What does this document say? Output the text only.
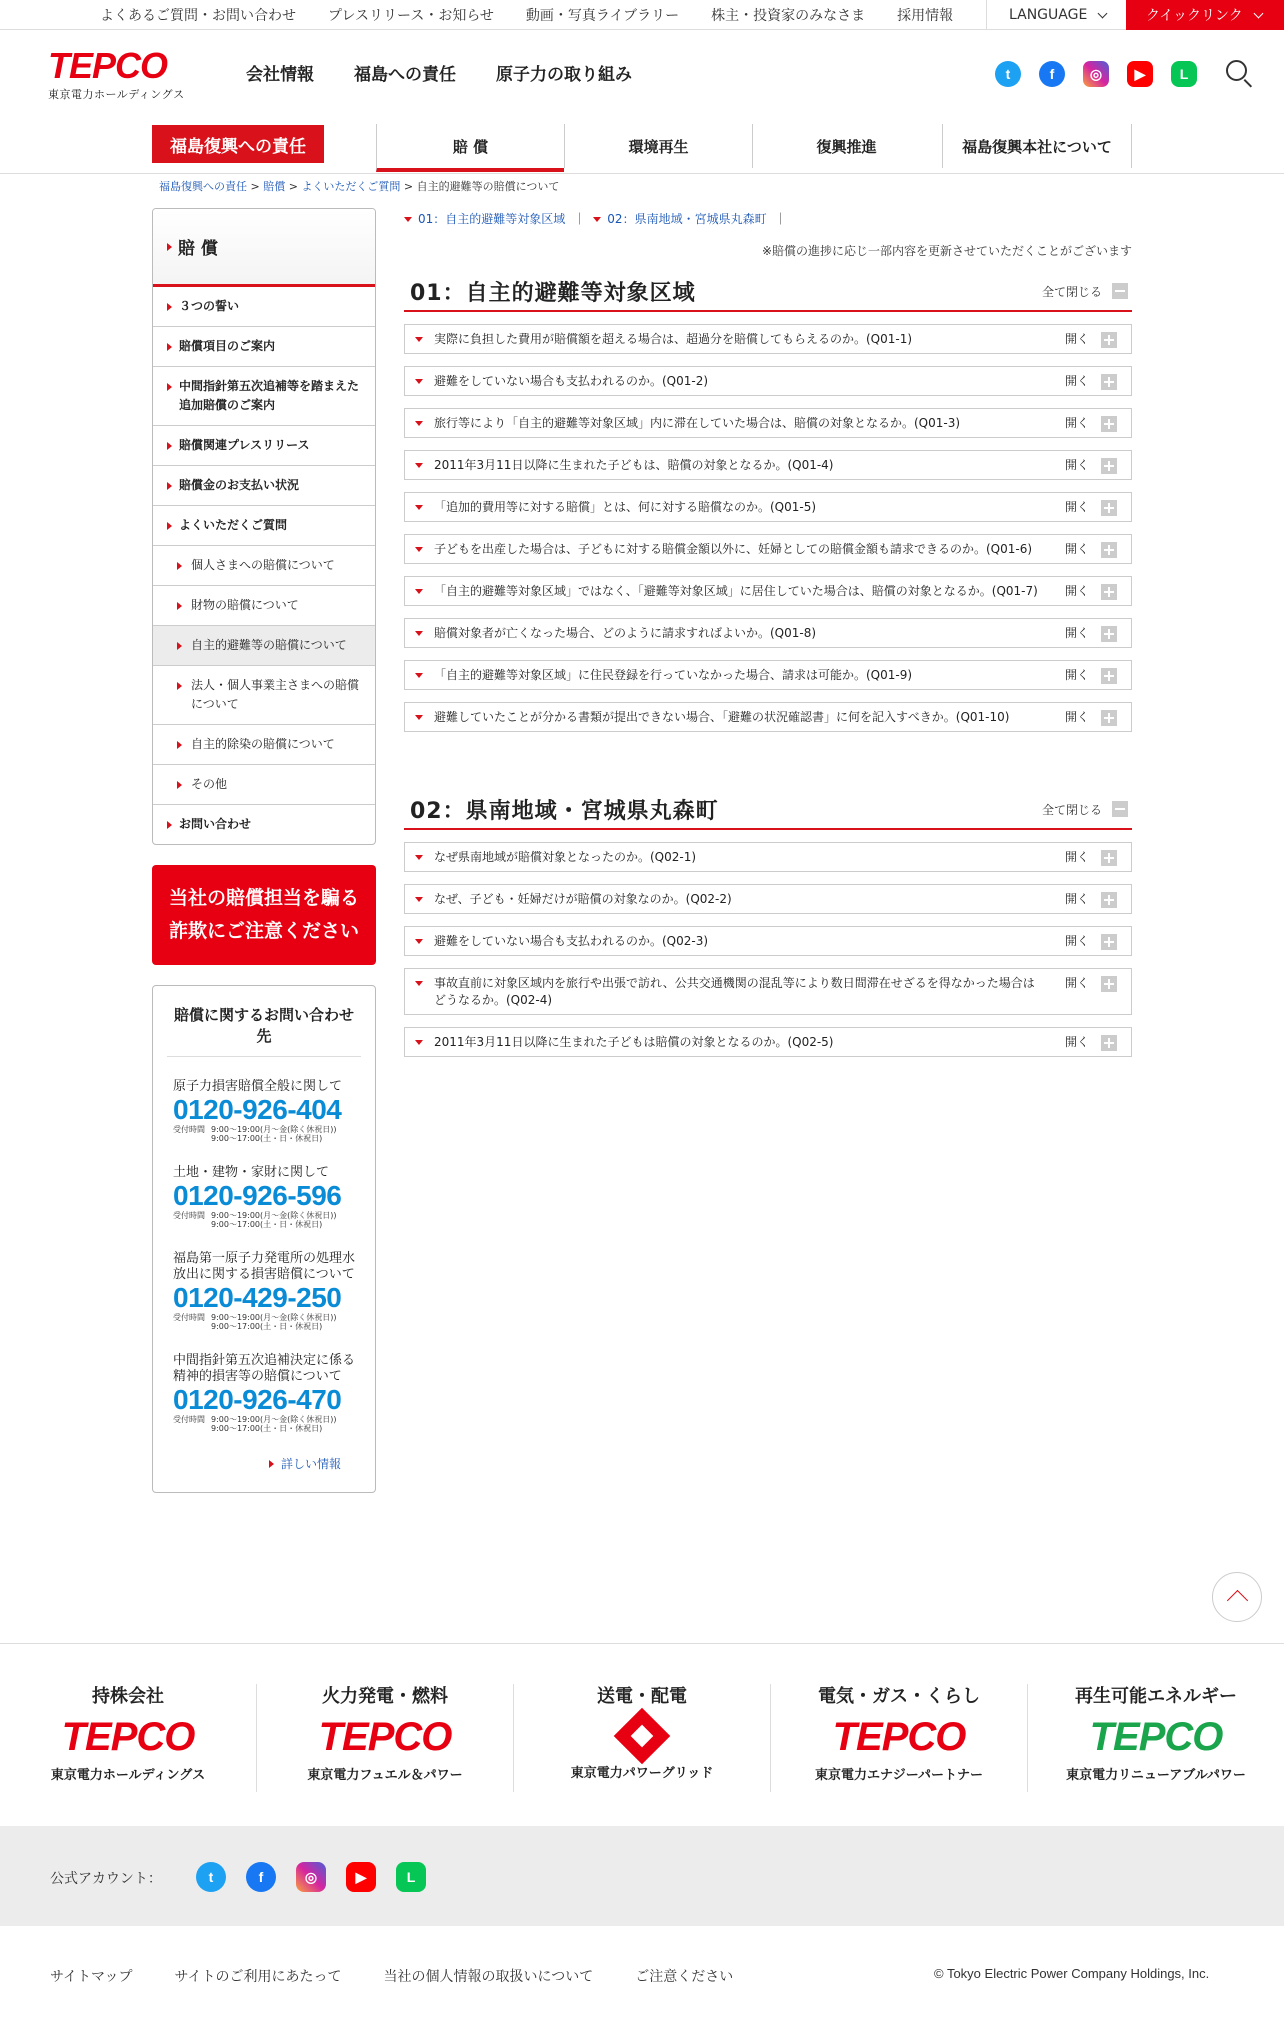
よくあるご質問・お問い合わせ プレスリリース・お知らせ 動画・写真ライブラリー 株主・投資家のみなさま 採用情報	LANGUAGE	クイックリンク
TEPCO
東京電力ホールディングス
会社情報 福島への責任 原子力の取り組み	t	f	◎	▶	L
福島復興への責任	賠 償	環境再生	復興推進	福島復興本社について
福島復興への責任 > 賠償 > よくいただくご質問 > 自主的避難等の賠償について
賠 償
３つの誓い
賠償項目のご案内
中間指針第五次追補等を踏まえた追加賠償のご案内
賠償関連プレスリリース
賠償金のお支払い状況
よくいただくご質問
個人さまへの賠償について
財物の賠償について
自主的避難等の賠償について
法人・個人事業主さまへの賠償について
自主的除染の賠償について
その他
お問い合わせ
当社の賠償担当を騙る
詐欺にご注意ください
賠償に関するお問い合わせ先
原子力損害賠償全般に関して
0120-926-404
受付時間 9:00〜19:00(月〜金(除く休祝日))
9:00〜17:00(土・日・休祝日)
土地・建物・家財に関して
0120-926-596
受付時間 9:00〜19:00(月〜金(除く休祝日))
9:00〜17:00(土・日・休祝日)
福島第一原子力発電所の処理水放出に関する損害賠償について
0120-429-250
受付時間 9:00〜19:00(月〜金(除く休祝日))
9:00〜17:00(土・日・休祝日)
中間指針第五次追補決定に係る精神的損害等の賠償について
0120-926-470
受付時間 9:00〜19:00(月〜金(除く休祝日))
9:00〜17:00(土・日・休祝日)
詳しい情報
01：自主的避難等対象区域 ｜	02：県南地域・宮城県丸森町 ｜
※賠償の進捗に応じ一部内容を更新させていただくことがございます
01：自主的避難等対象区域	全て閉じる
実際に負担した費用が賠償額を超える場合は、超過分を賠償してもらえるのか。(Q01-1)	開く
避難をしていない場合も支払われるのか。(Q01-2)	開く
旅行等により「自主的避難等対象区域」内に滞在していた場合は、賠償の対象となるか。(Q01-3)	開く
2011年3月11日以降に生まれた子どもは、賠償の対象となるか。(Q01-4)	開く
「追加的費用等に対する賠償」とは、何に対する賠償なのか。(Q01-5)	開く
子どもを出産した場合は、子どもに対する賠償金額以外に、妊婦としての賠償金額も請求できるのか。(Q01-6)	開く
「自主的避難等対象区域」ではなく、「避難等対象区域」に居住していた場合は、賠償の対象となるか。(Q01-7)	開く
賠償対象者が亡くなった場合、どのように請求すればよいか。(Q01-8)	開く
「自主的避難等対象区域」に住民登録を行っていなかった場合、請求は可能か。(Q01-9)	開く
避難していたことが分かる書類が提出できない場合、「避難の状況確認書」に何を記入すべきか。(Q01-10)	開く
02：県南地域・宮城県丸森町	全て閉じる
なぜ県南地域が賠償対象となったのか。(Q02-1)	開く
なぜ、子ども・妊婦だけが賠償の対象なのか。(Q02-2)	開く
避難をしていない場合も支払われるのか。(Q02-3)	開く
事故直前に対象区域内を旅行や出張で訪れ、公共交通機関の混乱等により数日間滞在せざるを得なかった場合はどうなるか。(Q02-4)
開く
2011年3月11日以降に生まれた子どもは賠償の対象となるのか。(Q02-5)	開く
持株会社
TEPCO
東京電力ホールディングス
火力発電・燃料
TEPCO
東京電力フュエル＆パワー
送電・配電
東京電力パワーグリッド
電気・ガス・くらし
TEPCO
東京電力エナジーパートナー
再生可能エネルギー
TEPCO
東京電力リニューアブルパワー
公式アカウント：	t	f	◎	▶	L
サイトマップ	サイトのご利用にあたって	当社の個人情報の取扱いについて	ご注意ください	© Tokyo Electric Power Company Holdings, Inc.
